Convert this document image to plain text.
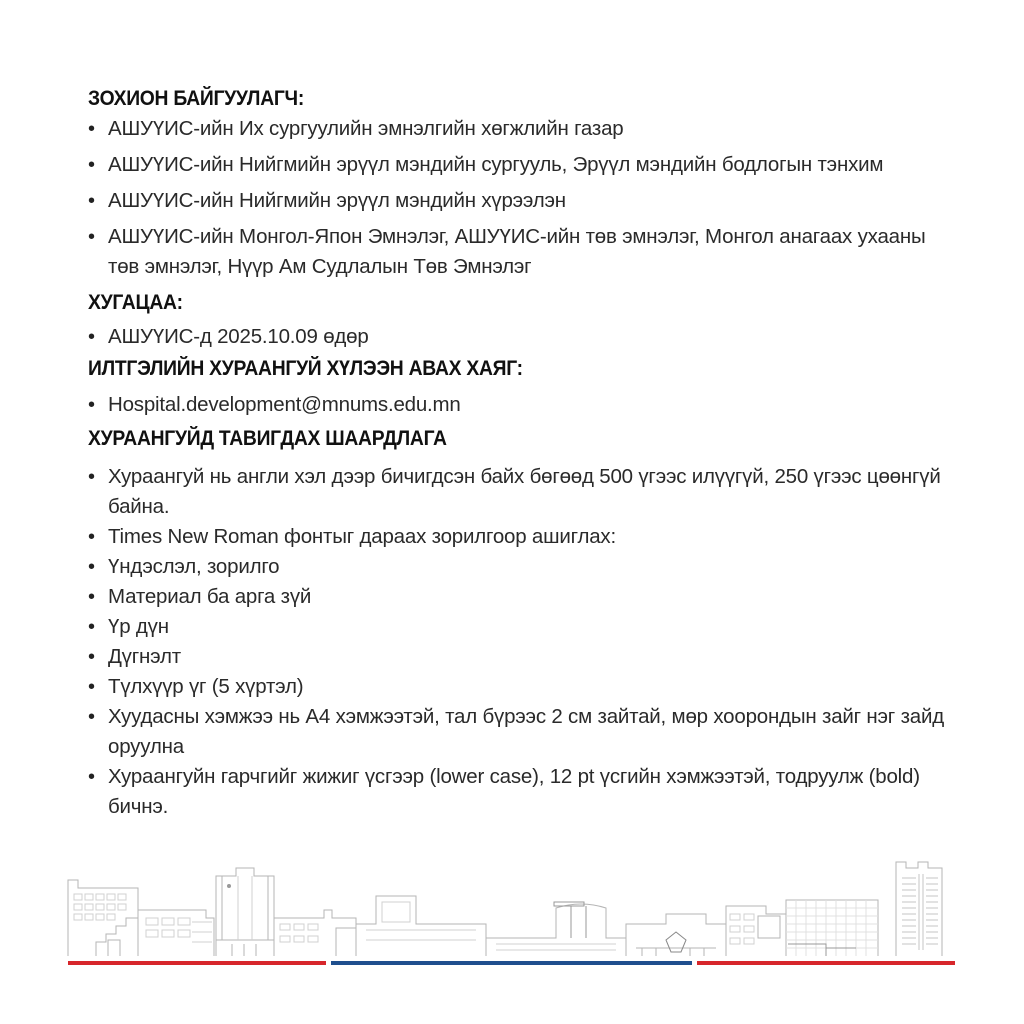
ЗОХИОН БАЙГУУЛАГЧ:
• АШУҮИС-ийн Их сургуулийн эмнэлгийн хөгжлийн газар
• АШУҮИС-ийн Нийгмийн эрүүл мэндийн сургууль, Эрүүл мэндийн бодлогын тэнхим
• АШУҮИС-ийн Нийгмийн эрүүл мэндийн хүрээлэн
• АШУҮИС-ийн Монгол-Япон Эмнэлэг, АШУҮИС-ийн төв эмнэлэг, Монгол анагаах ухааны төв эмнэлэг, Нүүр Ам Судлалын Төв Эмнэлэг
ХУГАЦАА:
• АШУҮИС-д 2025.10.09 өдөр
ИЛТГЭЛИЙН ХУРААНГУЙ ХҮЛЭЭН АВАХ ХАЯГ:
• Hospital.development@mnums.edu.mn
ХУРААНГУЙД ТАВИГДАХ ШААРДЛАГА
• Хураангуй нь англи хэл дээр бичигдсэн байх бөгөөд 500 үгээс илүүгүй, 250 үгээс цөөнгүй байна.
• Times New Roman фонтыг дараах зорилгоор ашиглах:
• Үндэслэл, зорилго
• Материал ба арга зүй
• Үр дүн
• Дүгнэлт
• Түлхүүр үг (5 хүртэл)
• Хуудасны хэмжээ нь А4 хэмжээтэй, тал бүрээс 2 см зайтай, мөр хоорондын зайг нэг зайд оруулна
• Хураангуйн гарчгийг жижиг үсгээр (lower case), 12 pt үсгийн хэмжээтэй, тодруулж (bold) бичнэ.
